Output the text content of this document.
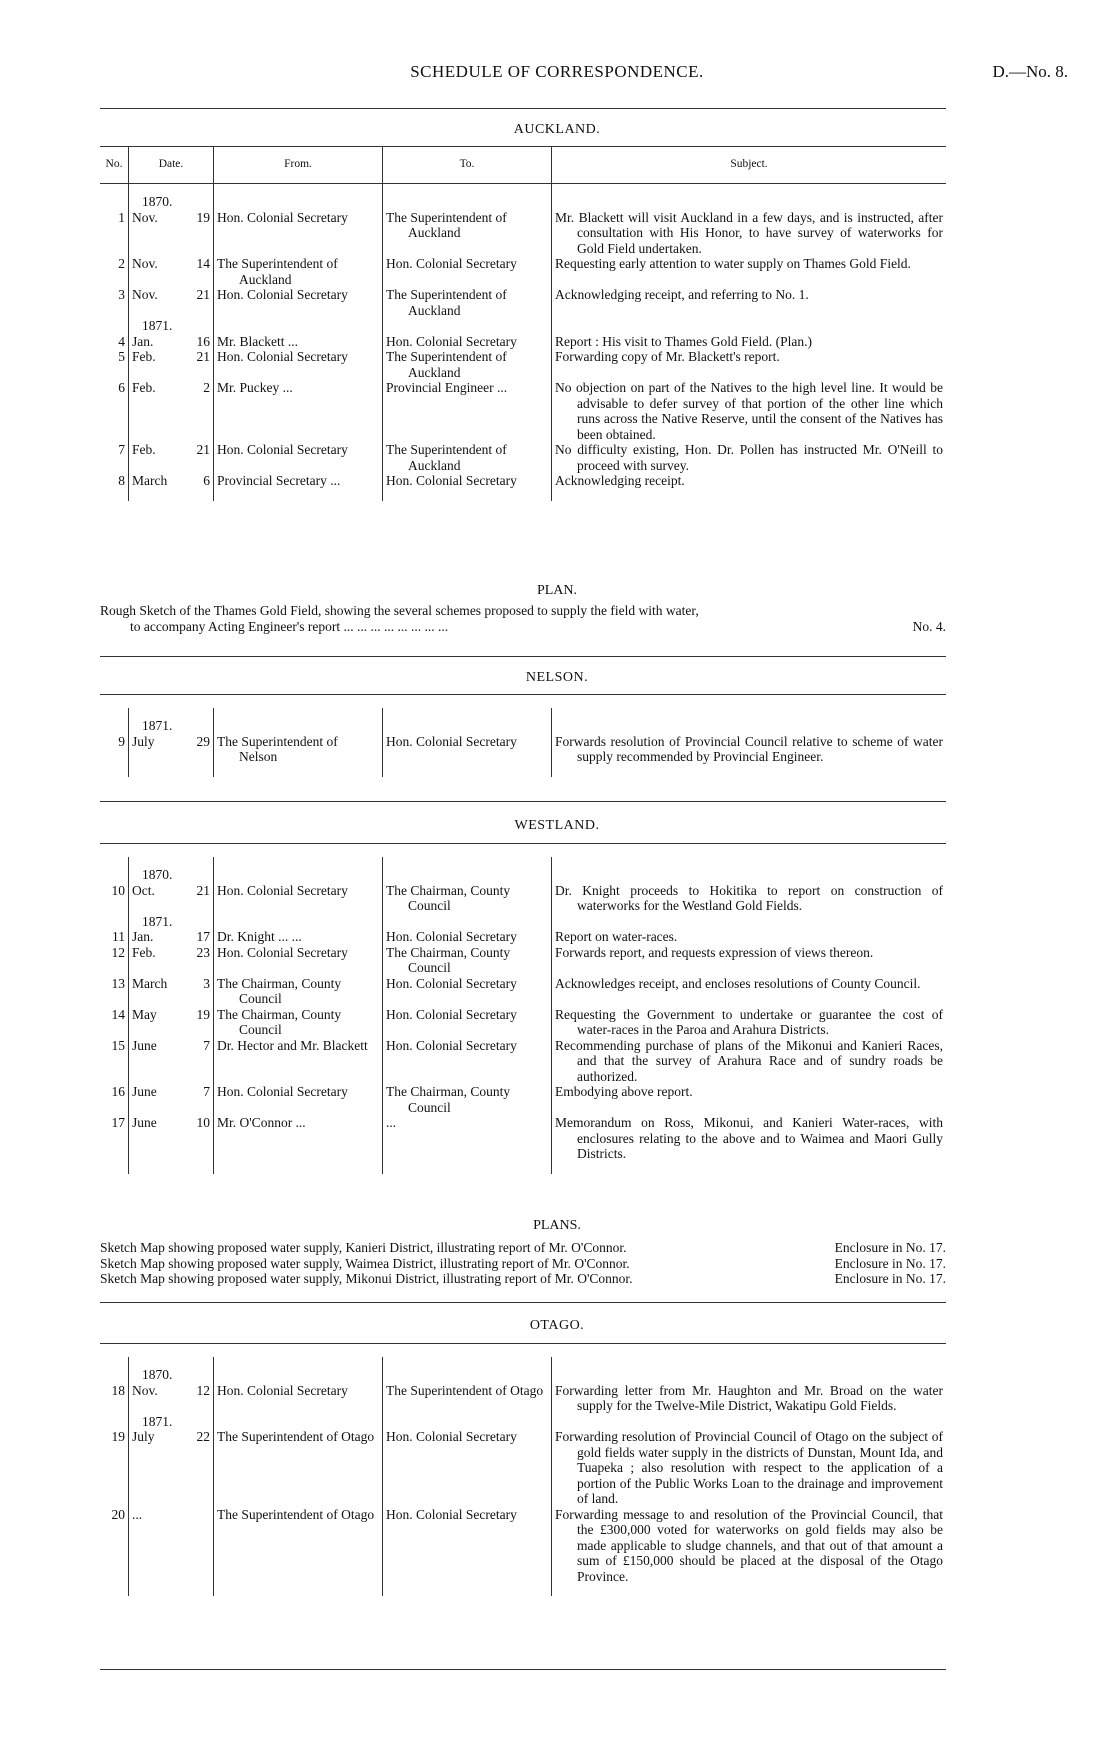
SCHEDULE OF CORRESPONDENCE.	D.—No. 8.
AUCKLAND.
No.	Date.	From.	To.	Subject.

	1870.			

1	Nov. 19	Hon. Colonial Secretary	The Superintendent of Auckland	Mr. Blackett will visit Auckland in a few days, and is instructed, after consultation with His Honor, to have survey of waterworks for Gold Field undertaken.

2	Nov. 14	The Superintendent of Auckland	Hon. Colonial Secretary	Requesting early attention to water supply on Thames Gold Field.

3	Nov. 21	Hon. Colonial Secretary	The Superintendent of Auckland	Acknowledging receipt, and referring to No. 1.

	1871.			

4	Jan. 16	Mr. Blackett ...	Hon. Colonial Secretary	Report : His visit to Thames Gold Field. (Plan.)

5	Feb. 21	Hon. Colonial Secretary	The Superintendent of Auckland	Forwarding copy of Mr. Blackett's report.

6	Feb. 2	Mr. Puckey ...	Provincial Engineer ...	No objection on part of the Natives to the high level line. It would be advisable to defer survey of that portion of the other line which runs across the Native Reserve, until the consent of the Natives has been obtained.

7	Feb. 21	Hon. Colonial Secretary	The Superintendent of Auckland	No difficulty existing, Hon. Dr. Pollen has instructed Mr. O'Neill to proceed with survey.

8	March 6	Provincial Secretary ...	Hon. Colonial Secretary	Acknowledging receipt.
PLAN.
Rough Sketch of the Thames Gold Field, showing the several schemes proposed to supply the field with water,
to accompany Acting Engineer's report ... ... ... ... ... ... ... ...	No. 4.
NELSON.

	1871.			

9	July 29	The Superintendent of Nelson	Hon. Colonial Secretary	Forwards resolution of Provincial Council relative to scheme of water supply recommended by Provincial Engineer.
WESTLAND.

	1870.			

10	Oct. 21	Hon. Colonial Secretary	The Chairman, County Council	Dr. Knight proceeds to Hokitika to report on construction of waterworks for the Westland Gold Fields.

	1871.			

11	Jan. 17	Dr. Knight ... ...	Hon. Colonial Secretary	Report on water-races.

12	Feb. 23	Hon. Colonial Secretary	The Chairman, County Council	Forwards report, and requests expression of views thereon.

13	March 3	The Chairman, County Council	Hon. Colonial Secretary	Acknowledges receipt, and encloses resolutions of County Council.

14	May 19	The Chairman, County Council	Hon. Colonial Secretary	Requesting the Government to undertake or guarantee the cost of water-races in the Paroa and Arahura Districts.

15	June 7	Dr. Hector and Mr. Blackett	Hon. Colonial Secretary	Recommending purchase of plans of the Mikonui and Kanieri Races, and that the survey of Arahura Race and of sundry roads be authorized.

16	June 7	Hon. Colonial Secretary	The Chairman, County Council	Embodying above report.

17	June 10	Mr. O'Connor ...	...	Memorandum on Ross, Mikonui, and Kanieri Water-races, with enclosures relating to the above and to Waimea and Maori Gully Districts.
PLANS.
Sketch Map showing proposed water supply, Kanieri District, illustrating report of Mr. O'Connor.	Enclosure in No. 17.
Sketch Map showing proposed water supply, Waimea District, illustrating report of Mr. O'Connor.	Enclosure in No. 17.
Sketch Map showing proposed water supply, Mikonui District, illustrating report of Mr. O'Connor.	Enclosure in No. 17.
OTAGO.

	1870.			

18	Nov. 12	Hon. Colonial Secretary	The Superintendent of Otago	Forwarding letter from Mr. Haughton and Mr. Broad on the water supply for the Twelve-Mile District, Wakatipu Gold Fields.

	1871.			

19	July 22	The Superintendent of Otago	Hon. Colonial Secretary	Forwarding resolution of Provincial Council of Otago on the subject of gold fields water supply in the districts of Dunstan, Mount Ida, and Tuapeka ; also resolution with respect to the application of a portion of the Public Works Loan to the drainage and improvement of land.

20	...	The Superintendent of Otago	Hon. Colonial Secretary	Forwarding message to and resolution of the Provincial Council, that the £300,000 voted for waterworks on gold fields may also be made applicable to sludge channels, and that out of that amount a sum of £150,000 should be placed at the disposal of the Otago Province.
